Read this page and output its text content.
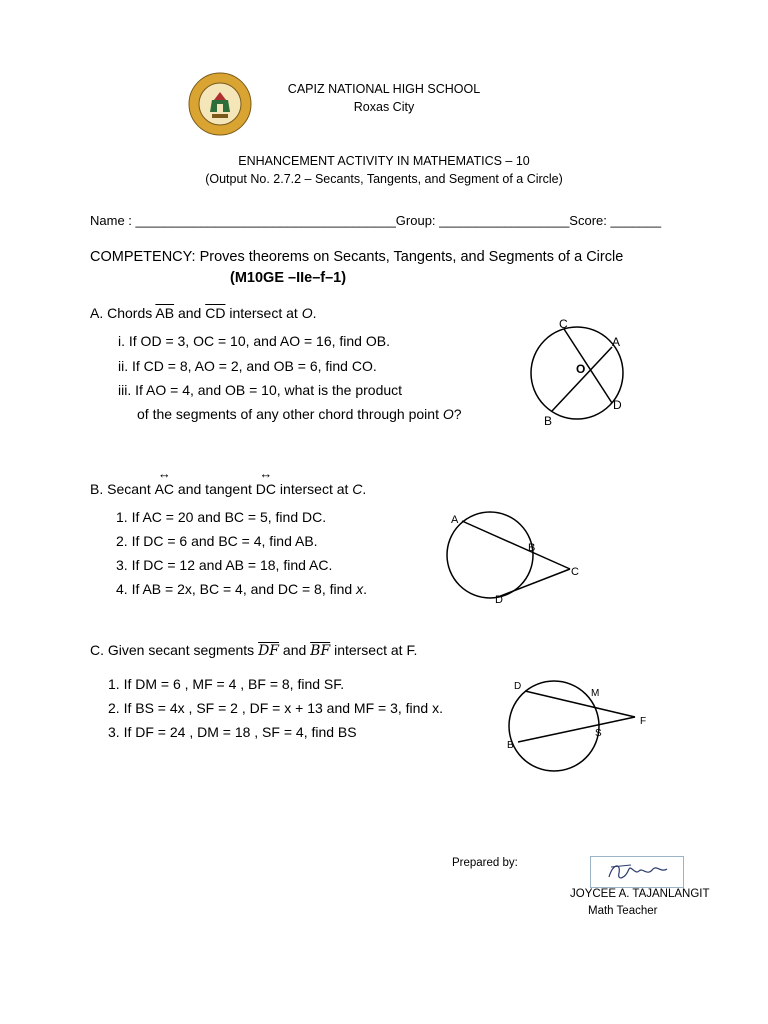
CAPIZ NATIONAL HIGH SCHOOL
Roxas City
ENHANCEMENT ACTIVITY IN MATHEMATICS – 10
(Output No. 2.7.2 – Secants, Tangents, and Segment of a Circle)
Name : ____________________________________Group: __________________Score: _______
COMPETENCY: Proves theorems on Secants, Tangents, and Segments of a Circle
(M10GE –IIe–f–1)
A. Chords $\overline{AB}$ and $\overline{CD}$ intersect at O.
i. If OD = 3, OC = 10, and AO = 16, find OB.
ii. If CD = 8, AO = 2, and OB = 6, find CO.
iii. If AO = 4, and OB = 10, what is the product
of the segments of any other chord through point O?
C
A
O
B
D
B. Secant
↔
AC and tangent
↔
DC intersect at C.
1. If AC = 20 and BC = 5, find DC.
2. If DC = 6 and BC = 4, find AB.
3. If DC = 12 and AB = 18, find AC.
4. If AB = 2x, BC = 4, and DC = 8, find x.
A
B
C
D
C. Given secant segments $\overline{DF}$ and $\overline{BF}$ intersect at F.
1. If DM = 6 , MF = 4 , BF = 8, find SF.
2. If BS = 4x , SF = 2 , DF = x + 13 and MF = 3, find x.
3. If DF = 24 , DM = 18 , SF = 4, find BS
D
M
F
S
B
Prepared by:
JOYCEE A. TAJANLANGIT
Math Teacher
